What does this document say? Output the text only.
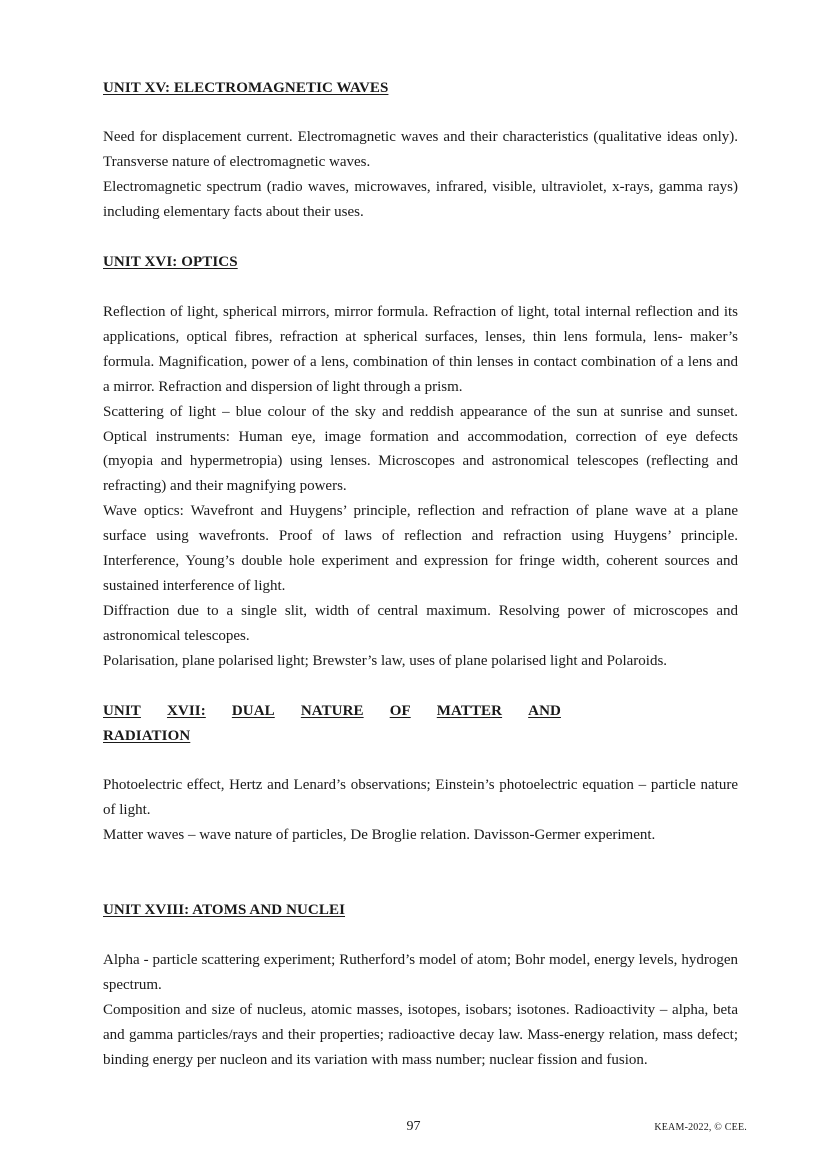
UNIT XV: ELECTROMAGNETIC WAVES

Need for displacement current. Electromagnetic waves and their characteristics (qualitative ideas only). Transverse nature of electromagnetic waves.

Electromagnetic spectrum (radio waves, microwaves, infrared, visible, ultraviolet, x-rays, gamma rays) including elementary facts about their uses.

UNIT XVI: OPTICS

Reflection of light, spherical mirrors, mirror formula. Refraction of light, total internal reflection and its applications, optical fibres, refraction at spherical surfaces, lenses, thin lens formula, lens- maker’s formula. Magnification, power of a lens, combination of thin lenses in contact combination of a lens and a mirror. Refraction and dispersion of light through a prism.

Scattering of light – blue colour of the sky and reddish appearance of the sun at sunrise and sunset. Optical instruments: Human eye, image formation and accommodation, correction of eye defects (myopia and hypermetropia) using lenses. Microscopes and astronomical telescopes (reflecting and refracting) and their magnifying powers.

Wave optics: Wavefront and Huygens’ principle, reflection and refraction of plane wave at a plane surface using wavefronts. Proof of laws of reflection and refraction using Huygens’ principle. Interference, Young’s double hole experiment and expression for fringe width, coherent sources and sustained interference of light.

Diffraction due to a single slit, width of central maximum. Resolving power of microscopes and astronomical telescopes.

Polarisation, plane polarised light; Brewster’s law, uses of plane polarised light and Polaroids.

UNIT XVII: DUAL NATURE OF MATTER AND
RADIATION

Photoelectric effect, Hertz and Lenard’s observations; Einstein’s photoelectric equation – particle nature of light.

Matter waves – wave nature of particles, De Broglie relation. Davisson-Germer experiment.

UNIT XVIII: ATOMS AND NUCLEI

Alpha - particle scattering experiment; Rutherford’s model of atom; Bohr model, energy levels, hydrogen spectrum.

Composition and size of nucleus, atomic masses, isotopes, isobars; isotones. Radioactivity – alpha, beta and gamma particles/rays and their properties; radioactive decay law. Mass-energy relation, mass defect; binding energy per nucleon and its variation with mass number; nuclear fission and fusion.

97	KEAM-2022, © CEE.
